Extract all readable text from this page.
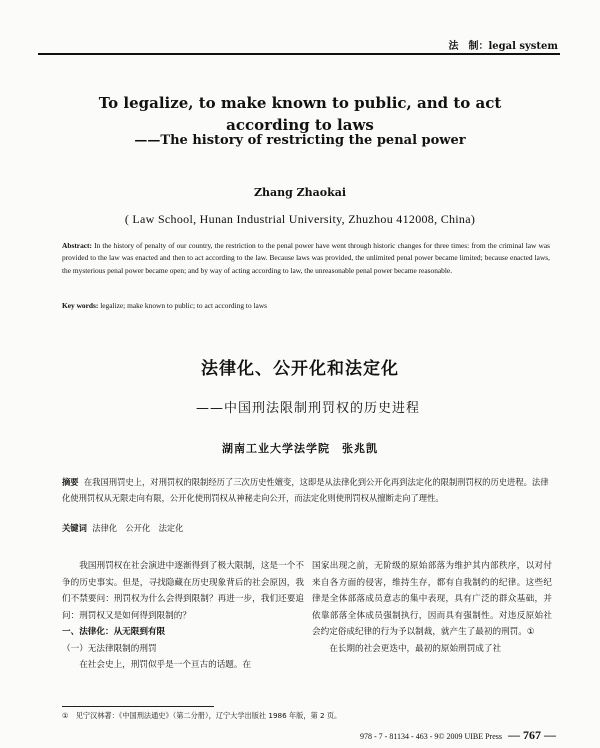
法　制：legal system
To legalize, to make known to public, and to act
according to laws
——The history of restricting the penal power
Zhang Zhaokai
( Law School, Hunan Industrial University, Zhuzhou 412008, China)
Abstract: In the history of penalty of our country, the restriction to the penal power have went through historic changes for three times: from the criminal law was provided to the law was enacted and then to act according to the law. Because laws was provided, the unlimited penal power became limited; because enacted laws, the mysterious penal power became open; and by way of acting according to law, the unreasonable penal power became reasonable.
Key words: legalize; make known to public; to act according to laws
法律化、公开化和法定化
——中国刑法限制刑罚权的历史进程
湖南工业大学法学院　张兆凯
摘要 在我国刑罚史上，对刑罚权的限制经历了三次历史性嬗变，这即是从法律化到公开化再到法定化的限制刑罚权的历史进程。法律化使刑罚权从无限走向有限，公开化使刑罚权从神秘走向公开，而法定化则使刑罚权从擅断走向了理性。
关键词 法律化　公开化　法定化

我国刑罚权在社会演进中逐渐得到了极大限制，这是一个不争的历史事实。但是，寻找隐藏在历史现象背后的社会原因，我们不禁要问：刑罚权为什么会得到限制？再进一步，我们还要追问：刑罚权又是如何得到限制的？

一、法律化：从无限到有限

（一）无法律限制的刑罚

在社会史上，刑罚似乎是一个亘古的话题。在

国家出现之前，无阶级的原始部落为维护其内部秩序，以对付来自各方面的侵害，维持生存，都有自我制约的纪律。这些纪律是全体部落成员意志的集中表现，具有广泛的群众基础，并依靠部落全体成员强制执行，因而具有强制性。对违反原始社会约定俗成纪律的行为予以制裁，就产生了最初的刑罚。①

在长期的社会更迭中，最初的原始刑罚成了社

①　见宁汉林著：《中国刑法通史》（第二分册），辽宁大学出版社 1986 年版，第 2 页。
978 - 7 - 81134 - 463 - 9© 2009 UIBE Press — 767 —
